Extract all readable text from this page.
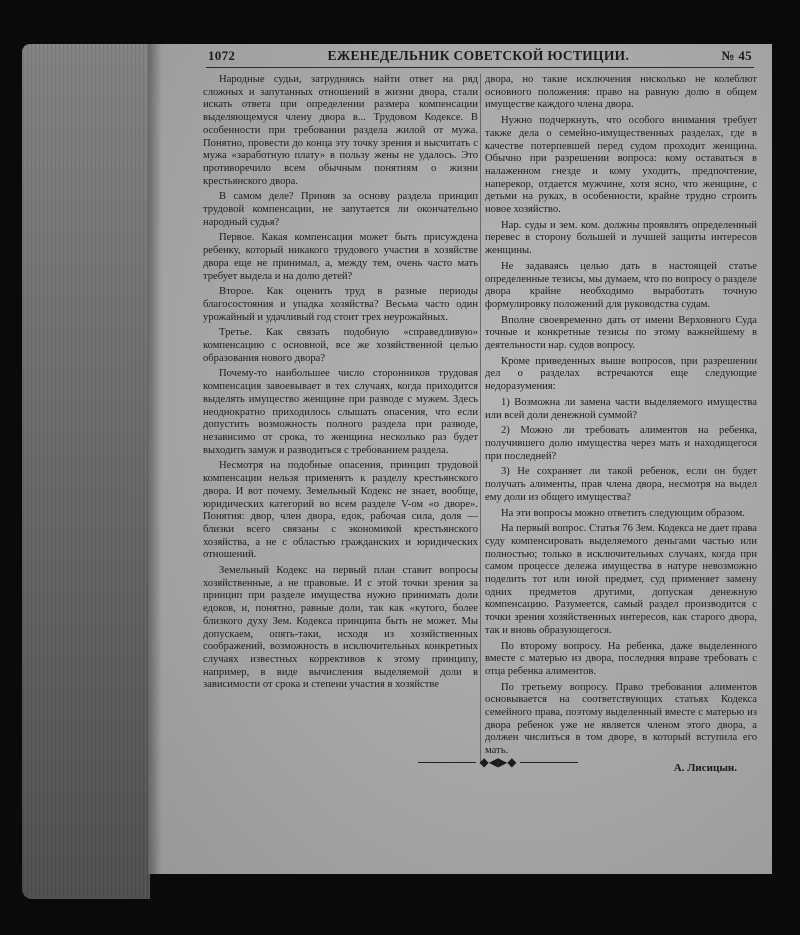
1072	ЕЖЕНЕДЕЛЬНИК СОВЕТСКОЙ ЮСТИЦИИ.	№ 45

Народные судьи, затрудняясь найти ответ на ряд сложных и запутанных отношений в жизни двора, стали искать ответа при определении размера компенсации выделяющемуся члену двора в... Трудовом Кодексе. В особенности при требовании раздела жилой от мужа. Понятно, провести до конца эту точку зрения и высчитать с мужа «заработную плату» в пользу жены не удалось. Это противоречило всем обычным понятиям о жизни крестьянского двора.

В самом деле? Приняв за основу раздела принцип трудовой компенсации, не запутается ли окончательно народный судья?

Первое. Какая компенсация может быть присуждена ребенку, который никакого трудового участия в хозяйстве двора еще не принимал, а, между тем, очень часто мать требует выдела и на долю детей?

Второе. Как оценить труд в разные периоды благосостояния и упадка хозяйства? Весьма часто один урожайный и удачливый год стоит трех неурожайных.

Третье. Как связать подобную «справедливую» компенсацию с основной, все же хозяйственной целью образования нового двора?

Почему-то наибольшее число сторонников трудовая компенсация завоевывает в тех случаях, когда приходится выделять имущество женщине при разводе с мужем. Здесь неоднократно приходилось слышать опасения, что если допустить возможность полного раздела при разводе, независимо от срока, то женщина несколько раз будет выходить замуж и разводиться с требованием раздела.

Несмотря на подобные опасения, принцип трудовой компенсации нельзя применять к разделу крестьянского двора. И вот почему. Земельный Кодекс не знает, вообще, юридических категорий во всем разделе V-ом «о дворе». Понятия: двор, член двора, едок, рабочая сила, доля — близки всего связаны с экономикой крестьянского хозяйства, а не с областью гражданских и юридических отношений.

Земельный Кодекс на первый план ставит вопросы хозяйственные, а не правовые. И с этой точки зрения за принцип при разделе имущества нужно принимать доли едоков, и, понятно, равные доли, так как «кутого, более близкого духу Зем. Кодекса принципа быть не может. Мы допускаем, опять-таки, исходя из хозяйственных соображений, возможность в исключительных конкретных случаях известных коррективов к этому принципу, например, в виде вычисления выделяемой доли в зависимости от срока и степени участия в хозяйстве

двора, но такие исключения нисколько не колеблют основного положения: право на равную долю в общем имуществе каждого члена двора.

Нужно подчеркнуть, что особого внимания требует также дела о семейно-имущественных разделах, где в качестве потерпевшей перед судом проходит женщина. Обычно при разрешении вопроса: кому оставаться в налаженном гнезде и кому уходить, предпочтение, наперекор, отдается мужчине, хотя ясно, что женщине, с детьми на руках, в особенности, крайне трудно строить новое хозяйство.

Нар. суды и зем. ком. должны проявлять определенный перевес в сторону большей и лучшей защиты интересов женщины.

Не задаваясь целью дать в настоящей статье определенные тезисы, мы думаем, что по вопросу о разделе двора крайне необходимо выработать точную формулировку положений для руководства судам.

Вполне своевременно дать от имени Верховного Суда точные и конкретные тезисы по этому важнейшему в деятельности нар. судов вопросу.

Кроме приведенных выше вопросов, при разрешении дел о разделах встречаются еще следующие недоразумения:

1) Возможна ли замена части выделяемого имущества или всей доли денежной суммой?

2) Можно ли требовать алиментов на ребенка, получившего долю имущества через мать и находящегося при последней?

3) Не сохраняет ли такой ребенок, если он будет получать алименты, прав члена двора, несмотря на выдел ему доли из общего имущества?

На эти вопросы можно ответить следующим образом.

На первый вопрос. Статья 76 Зем. Кодекса не дает права суду компенсировать выделяемого деньгами частью или полностью; только в исключительных случаях, когда при самом процессе дележа имущества в натуре невозможно поделить тот или иной предмет, суд применяет замену одних предметов другими, допуская денежную компенсацию. Разумеется, самый раздел производится с точки зрения хозяйственных интересов, как старого двора, так и вновь образующегося.

По второму вопросу. На ребенка, даже выделенного вместе с матерью из двора, последняя вправе требовать с отца ребенка алиментов.

По третьему вопросу. Право требования алиментов основывается на соответствующих статьях Кодекса семейного права, поэтому выделенный вместе с матерью из двора ребенок уже не является членом этого двора, а должен числиться в том дворе, в который вступила его мать.

А. Лисицын.
◆◀▶◆
